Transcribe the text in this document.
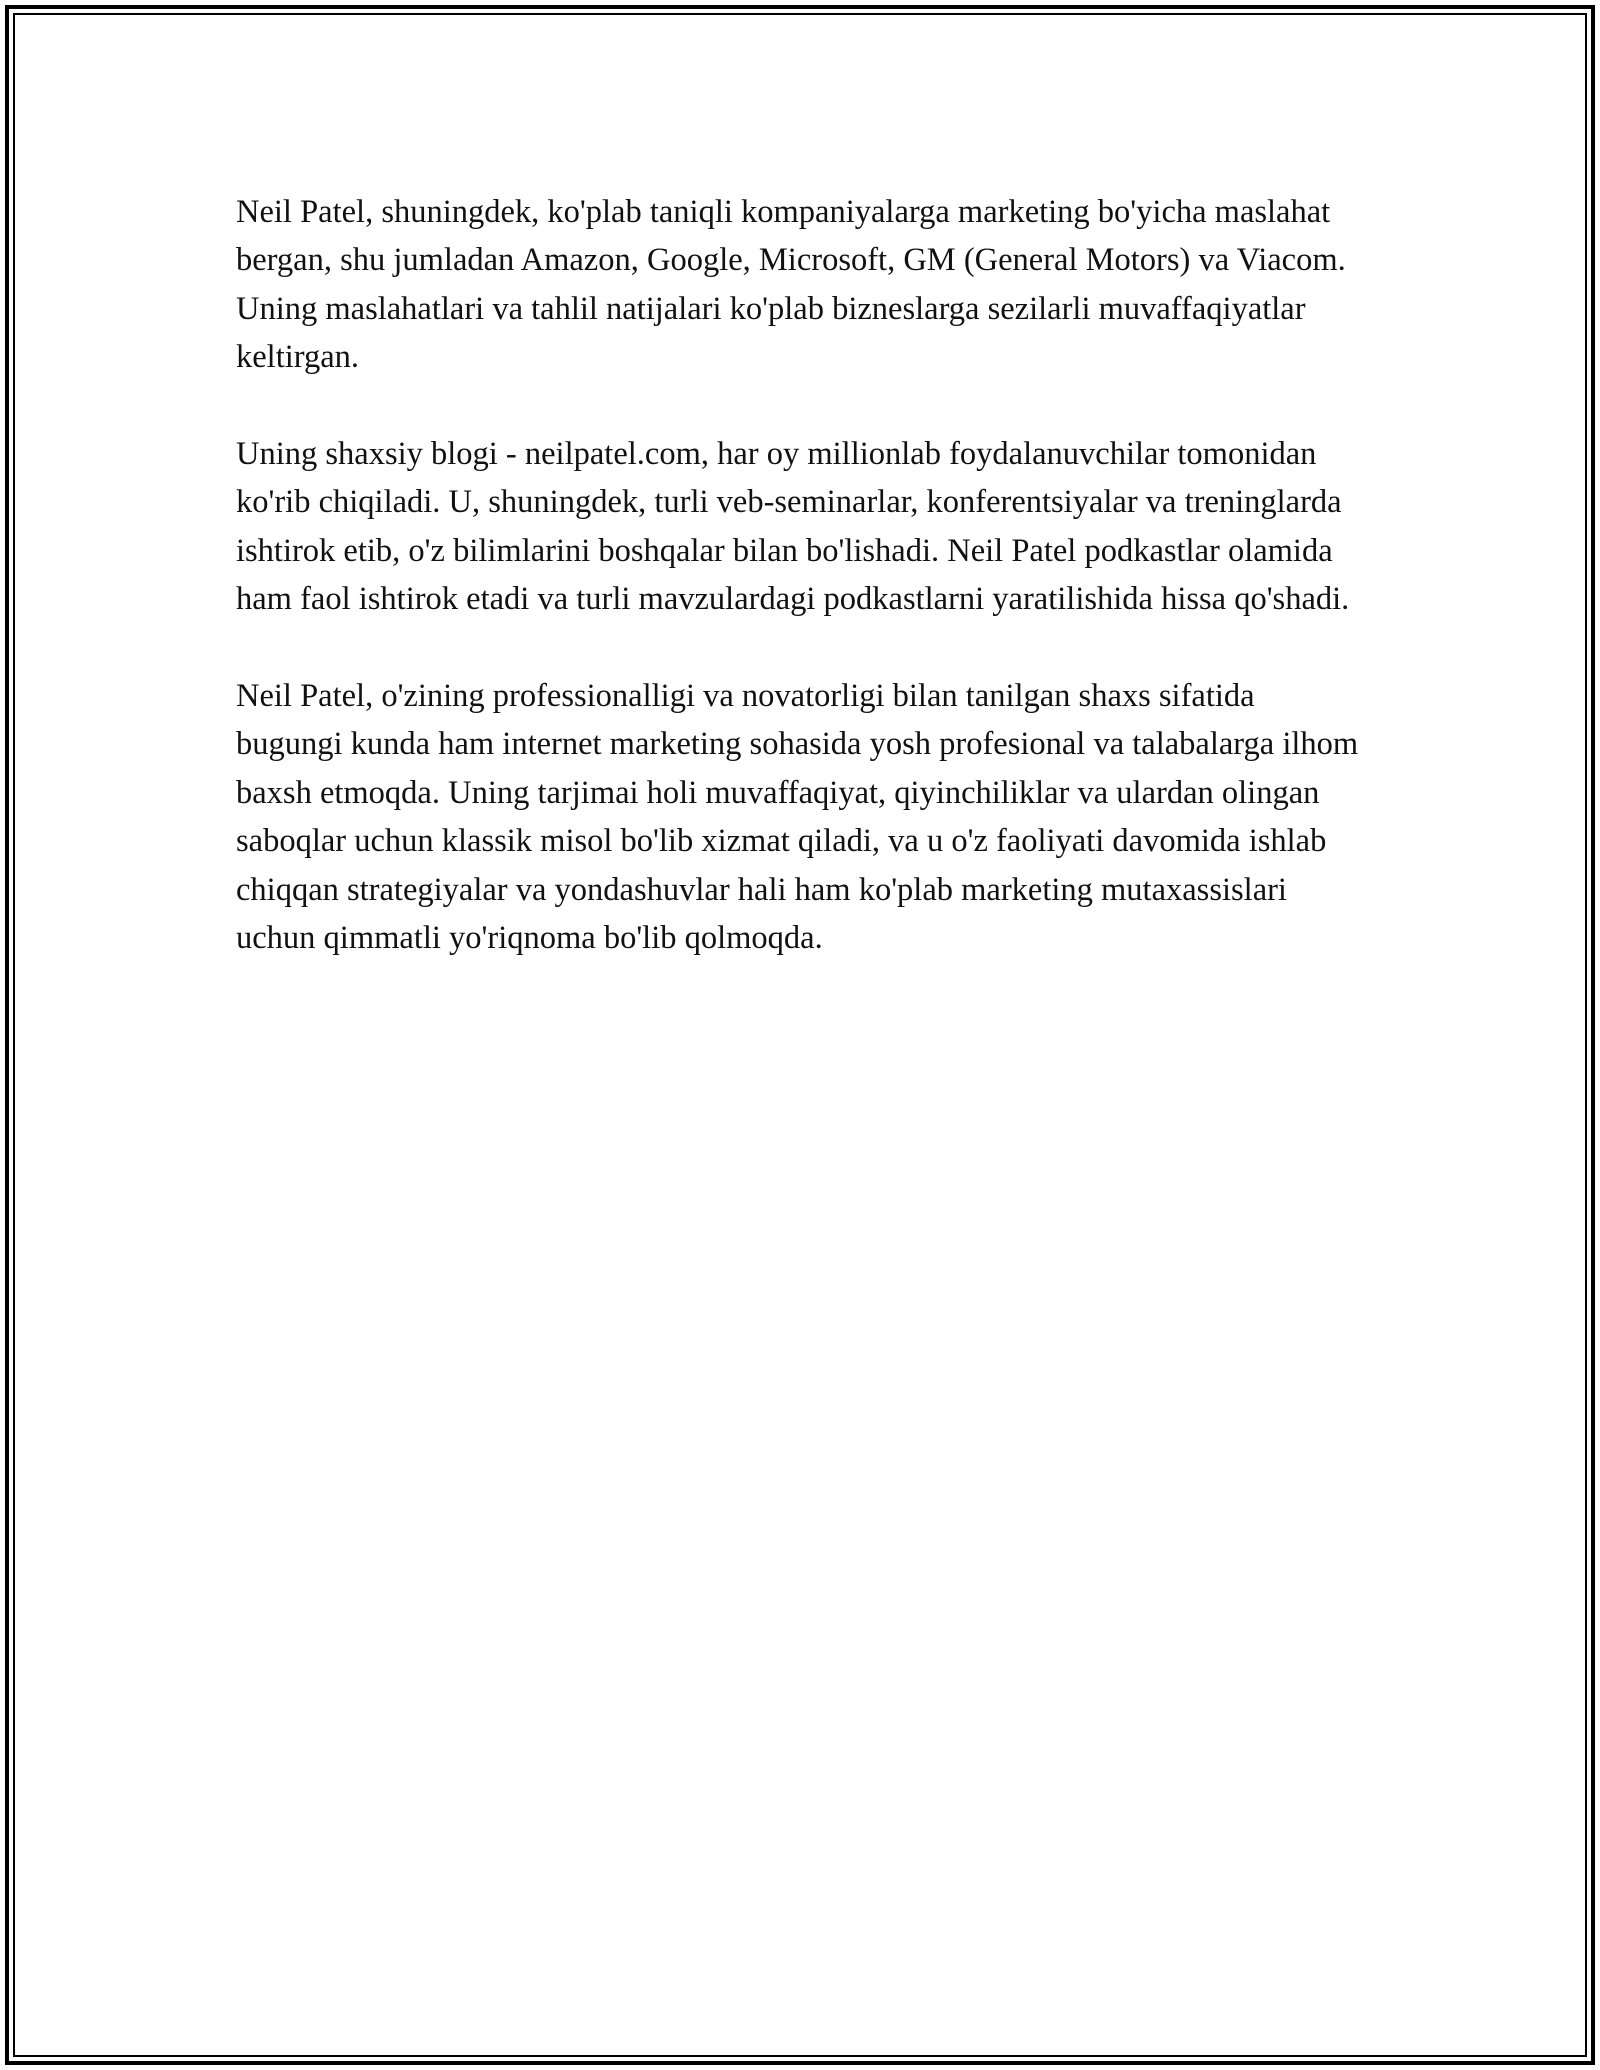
Neil Patel, shuningdek, ko'plab taniqli kompaniyalarga marketing bo'yicha maslahat bergan, shu jumladan Amazon, Google, Microsoft, GM (General Motors) va Viacom. Uning maslahatlari va tahlil natijalari ko'plab bizneslarga sezilarli muvaffaqiyatlar keltirgan.

Uning shaxsiy blogi - neilpatel.com, har oy millionlab foydalanuvchilar tomonidan ko'rib chiqiladi. U, shuningdek, turli veb-seminarlar, konferentsiyalar va treninglarda ishtirok etib, o'z bilimlarini boshqalar bilan bo'lishadi. Neil Patel podkastlar olamida ham faol ishtirok etadi va turli mavzulardagi podkastlarni yaratilishida hissa qo'shadi.

Neil Patel, o'zining professionalligi va novatorligi bilan tanilgan shaxs sifatida bugungi kunda ham internet marketing sohasida yosh profesional va talabalarga ilhom baxsh etmoqda. Uning tarjimai holi muvaffaqiyat, qiyinchiliklar va ulardan olingan saboqlar uchun klassik misol bo'lib xizmat qiladi, va u o'z faoliyati davomida ishlab chiqqan strategiyalar va yondashuvlar hali ham ko'plab marketing mutaxassislari uchun qimmatli yo'riqnoma bo'lib qolmoqda.
